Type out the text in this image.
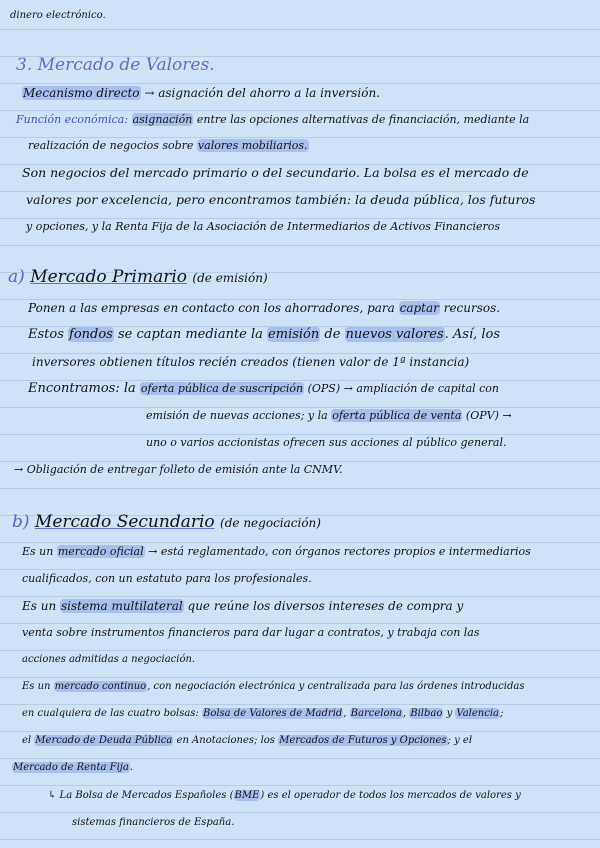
dinero electrónico.
3. Mercado de Valores.
Mecanismo directo → asignación del ahorro a la inversión.
Función económica: asignación entre las opciones alternativas de financiación, mediante la
realización de negocios sobre valores mobiliarios.
Son negocios del mercado primario o del secundario. La bolsa es el mercado de
valores por excelencia, pero encontramos también: la deuda pública, los futuros
y opciones, y la Renta Fija de la Asociación de Intermediarios de Activos Financieros
a) Mercado Primario (de emisión)
Ponen a las empresas en contacto con los ahorradores, para captar recursos.
Estos fondos se captan mediante la emisión de nuevos valores. Así, los
inversores obtienen títulos recién creados (tienen valor de 1ª instancia)
Encontramos: la oferta pública de suscripción (OPS) → ampliación de capital con
emisión de nuevas acciones; y la oferta pública de venta (OPV) →
uno o varios accionistas ofrecen sus acciones al público general.
→ Obligación de entregar folleto de emisión ante la CNMV.
b) Mercado Secundario (de negociación)
Es un mercado oficial → está reglamentado, con órganos rectores propios e intermediarios
cualificados, con un estatuto para los profesionales.
Es un sistema multilateral que reúne los diversos intereses de compra y
venta sobre instrumentos financieros para dar lugar a contratos, y trabaja con las
acciones admitidas a negociación.
Es un mercado continuo, con negociación electrónica y centralizada para las órdenes introducidas
en cualquiera de las cuatro bolsas: Bolsa de Valores de Madrid, Barcelona, Bilbao y Valencia;
el Mercado de Deuda Pública en Anotaciones; los Mercados de Futuros y Opciones; y el
Mercado de Renta Fija.
↳ La Bolsa de Mercados Españoles (BME) es el operador de todos los mercados de valores y
sistemas financieros de España.
